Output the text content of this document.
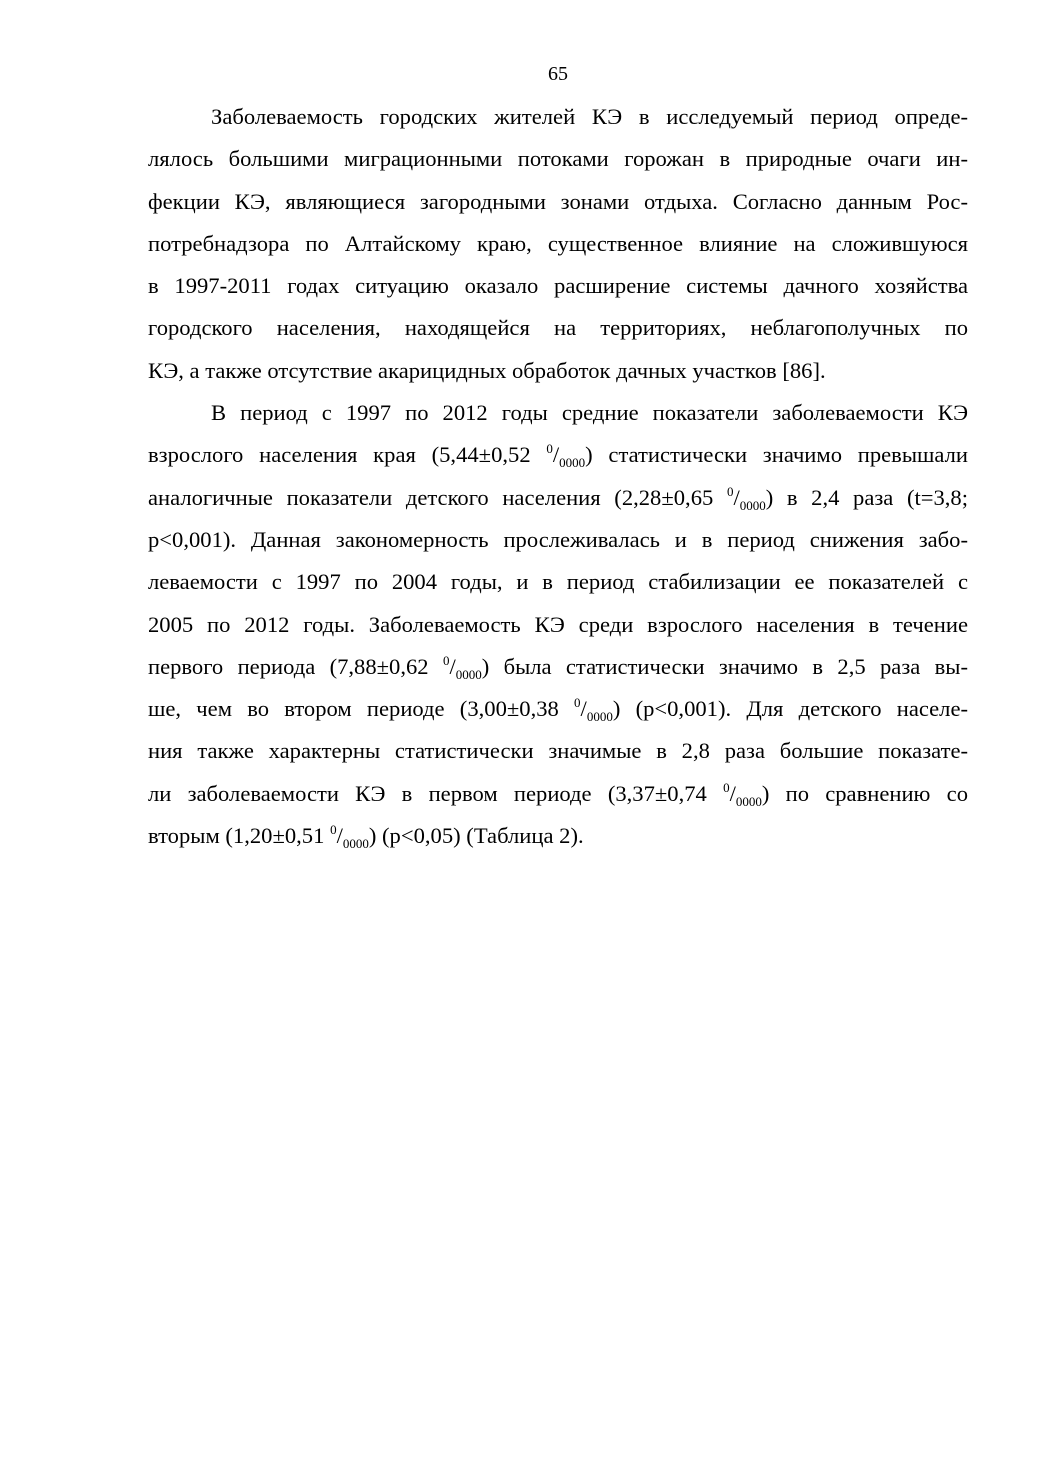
65
Заболеваемость городских жителей КЭ в исследуемый период опреде-
лялось большими миграционными потоками горожан в природные очаги ин-
фекции КЭ, являющиеся загородными зонами отдыха. Согласно данным Рос-
потребнадзора по Алтайскому краю, существенное влияние на сложившуюся
в 1997-2011 годах ситуацию оказало расширение системы дачного хозяйства
городского населения, находящейся на территориях, неблагополучных по
КЭ, а также отсутствие акарицидных обработок дачных участков [86].
В период с 1997 по 2012 годы средние показатели заболеваемости КЭ
взрослого населения края (5,44±0,52 $^0/_{0000}$) статистически значимо превышали
аналогичные показатели детского населения (2,28±0,65 $^0/_{0000}$) в 2,4 раза (t=3,8;
p<0,001). Данная закономерность прослеживалась и в период снижения забо-
леваемости с 1997 по 2004 годы, и в период стабилизации ее показателей с
2005 по 2012 годы. Заболеваемость КЭ среди взрослого населения в течение
первого периода (7,88±0,62 $^0/_{0000}$) была статистически значимо в 2,5 раза вы-
ше, чем во втором периоде (3,00±0,38 $^0/_{0000}$) (p<0,001). Для детского населе-
ния также характерны статистически значимые в 2,8 раза большие показате-
ли заболеваемости КЭ в первом периоде (3,37±0,74 $^0/_{0000}$) по сравнению со
вторым (1,20±0,51 $^0/_{0000}$) (p<0,05) (Таблица 2).
